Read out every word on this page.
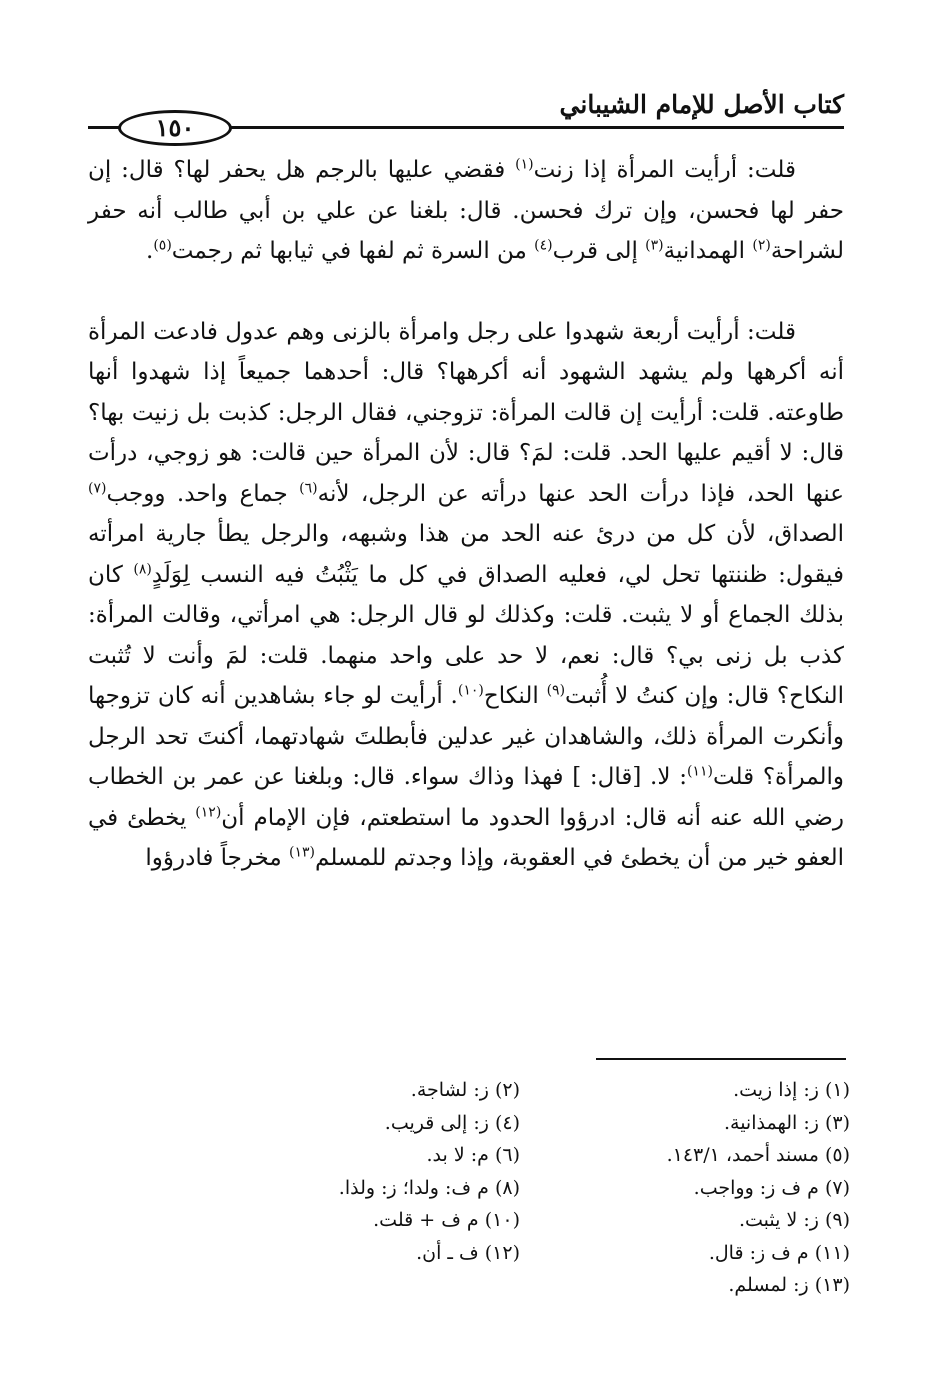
كتاب الأصل للإمام الشيباني
١٥٠

قلت: أرأيت المرأة إذا زنت$^{(١)}$ فقضي عليها بالرجم هل يحفر لها؟ قال: إن حفر لها فحسن، وإن ترك فحسن. قال: بلغنا عن علي بن أبي طالب أنه حفر لشراحة$^{(٢)}$ الهمدانية$^{(٣)}$ إلى قرب$^{(٤)}$ من السرة ثم لفها في ثيابها ثم رجمت$^{(٥)}$.

قلت: أرأيت أربعة شهدوا على رجل وامرأة بالزنى وهم عدول فادعت المرأة أنه أكرهها ولم يشهد الشهود أنه أكرهها؟ قال: أحدهما جميعاً إذا شهدوا أنها طاوعته. قلت: أرأيت إن قالت المرأة: تزوجني، فقال الرجل: كذبت بل زنيت بها؟ قال: لا أقيم عليها الحد. قلت: لمَ؟ قال: لأن المرأة حين قالت: هو زوجي، درأت عنها الحد، فإذا درأت الحد عنها درأته عن الرجل، لأنه$^{(٦)}$ جماع واحد. ووجب$^{(٧)}$ الصداق، لأن كل من درئ عنه الحد من هذا وشبهه، والرجل يطأ جارية امرأته فيقول: ظننتها تحل لي، فعليه الصداق في كل ما يَثْبُتُ فيه النسب لِوَلَدٍ$^{(٨)}$ كان بذلك الجماع أو لا يثبت. قلت: وكذلك لو قال الرجل: هي امرأتي، وقالت المرأة: كذب بل زنى بي؟ قال: نعم، لا حد على واحد منهما. قلت: لمَ وأنت لا تُثبت النكاح؟ قال: وإن كنتُ لا أُثبت$^{(٩)}$ النكاح$^{(١٠)}$. أرأيت لو جاء بشاهدين أنه كان تزوجها وأنكرت المرأة ذلك، والشاهدان غير عدلين فأبطلتَ شهادتهما، أكنتَ تحد الرجل والمرأة؟ قلت$^{(١١)}$: لا. [قال: ] فهذا وذاك سواء. قال: وبلغنا عن عمر بن الخطاب رضي الله عنه أنه قال: ادرؤوا الحدود ما استطعتم، فإن الإمام أن$^{(١٢)}$ يخطئ في العفو خير من أن يخطئ في العقوبة، وإذا وجدتم للمسلم$^{(١٣)}$ مخرجاً فادرؤوا

(١) ز: إذا زيت.
(٢) ز: لشاجة.
(٣) ز: الهمذانية.
(٤) ز: إلى قريب.
(٥) مسند أحمد، ١٤٣/١.
(٦) م: لا بد.
(٧) م ف ز: وواجب.
(٨) م ف: ولدا؛ ز: ولذا.
(٩) ز: لا يثبت.
(١٠) م ف + قلت.
(١١) م ف ز: قال.
(١٢) ف ـ أن.
(١٣) ز: لمسلم.
